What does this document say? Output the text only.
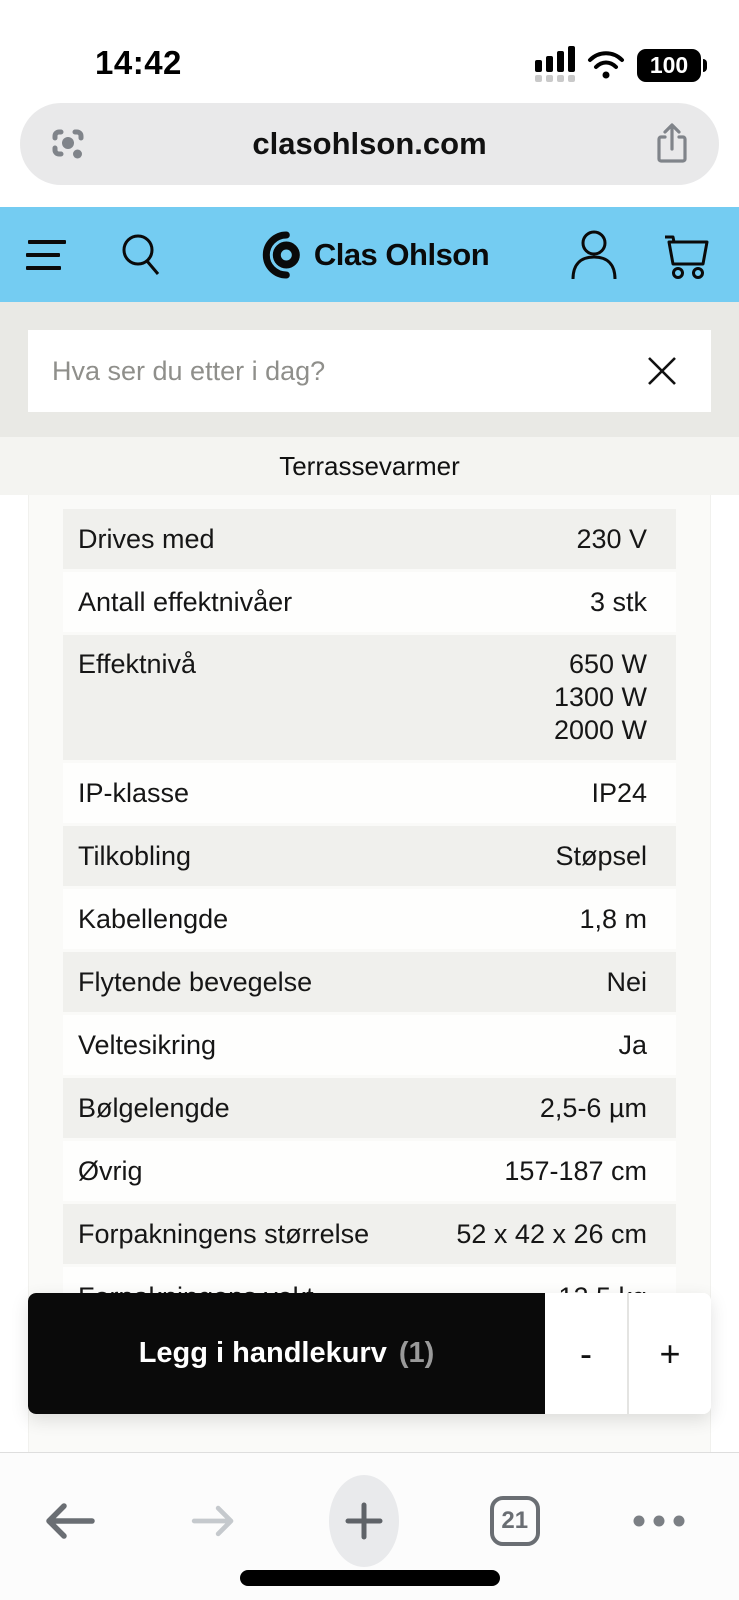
14:42	100
clasohlson.com
Clas Ohlson
Hva ser du etter i dag?
Terrassevarmer
Drives med	230 V
Antall effektnivåer	3 stk
Effektnivå	650 W
1300 W
2000 W
IP-klasse	IP24
Tilkobling	Støpsel
Kabellengde	1,8 m
Flytende bevegelse	Nei
Veltesikring	Ja
Bølgelengde	2,5-6 µm
Øvrig	157-187 cm
Forpakningens størrelse	52 x 42 x 26 cm
Legg i handlekurv (1)	-	+
21
